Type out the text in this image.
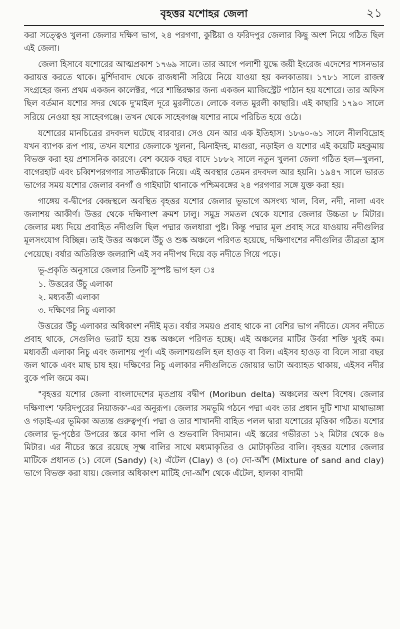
বৃহত্তর যশোহর জেলা	২১

করা সত্ত্বেও খুলনা জেলার দক্ষিণ ভাগ, ২৪ পরগণা, কুষ্টিয়া ও ফরিদপুর জেলার কিছু অংশ নিয়ে গঠিত ছিল এই জেলা।

জেলা হিসাবে যশোরের আত্মপ্রকাশ ১৭৬৯ সালে। তার আগে পলাশী যুদ্ধে জয়ী ইংরেজ এদেশের শাসনভার করায়ত্ত করতে থাকে। মুর্শিদাবাদ থেকে রাজধানী সরিয়ে নিয়ে যাওয়া হয় কলকাতায়। ১৭৮১ সালে রাজস্ব সংগ্রহের জন্য প্রথম একজন কালেক্টর, পরে শান্তিরক্ষার জন্য একজন ম্যাজিস্ট্রেট পাঠান হয় যশোরে। তার অফিস ছিল বর্তমান যশোর সদর থেকে দু'মাইল দূরে মুরলীতে। লোকে বলত মুরলী কাছারি। এই কাছারি ১৭৯০ সালে সরিয়ে নেওয়া হয় সাহেবগঞ্জে। তখন থেকে সাহেবগঞ্জ যশোর নামে পরিচিত হয়ে ওঠে।

যশোরের মানচিত্রের রদবদল ঘটেছে বারবার। সেও যেন আর এক ইতিহাস। ১৮৬০-৬১ সালে নীলবিদ্রোহ যখন ব্যাপক রূপ পায়, তখন যশোর জেলাকে খুলনা, ঝিনাইদহ, মাগুরা, নড়াইল ও যশোর এই কয়েটি মহকুমায় বিভক্ত করা হয় প্রশাসনিক কারণে। বেশ কয়েক বছর বাদে ১৮৮২ সালে নতুন খুলনা জেলা গঠিত হল—খুলনা, বাগেরহাট এবং চব্বিশপরগণার সাতক্ষীরাকে নিয়ে। এই অবস্থার তেমন রদবদল আর হয়নি। ১৯৪৭ সালে ভারত ভাগের সময় যশোর জেলার বনগাঁ ও গাইঘাটা থানাকে পশ্চিমবঙ্গের ২৪ পরগণার সঙ্গে যুক্ত করা হয়।

গাঙ্গেয় ব-দ্বীপের কেন্দ্রস্থলে অবস্থিত বৃহত্তর যশোর জেলার ভূভাগে অসংখ্য খাল, বিল, নদী, নালা এবং জলাশয় আকীর্ণ। উত্তর থেকে দক্ষিণাংশ ক্রমশ ঢালু। সমুদ্র সমতল থেকে যশোর জেলার উচ্চতা ৮ মিটার। জেলার মধ্য দিয়ে প্রবাহিত নদীগুলি ছিল পদ্মার জলধারা পুষ্ট। কিন্তু পদ্মার মূল প্রবাহ সরে যাওয়ায় নদীগুলির মূলসংযোগ বিচ্ছিন্ন। তাই উত্তর অঞ্চলে উঁচু ও শুষ্ক অঞ্চলে পরিণত হয়েছে, দক্ষিণাংশের নদীগুলির তীব্রতা হ্রাস পেয়েছে। বর্ষার অতিরিক্ত জলরাশি এই সব নদীপথ দিয়ে বড় নদীতে গিয়ে পড়ে।

ভূ-প্রকৃতি অনুসারে জেলার তিনটি সুস্পষ্ট ভাগ হল ঃ

১. উত্তরের উঁচু এলাকা
২. মধ্যবর্তী এলাকা
৩. দক্ষিণের নিচু এলাকা

উত্তরের উঁচু এলাকার অধিকাংশ নদীই মৃত। বর্ষার সময়ও প্রবাহ থাকে না বেশির ভাগ নদীতে। যেসব নদীতে প্রবাহ থাকে, সেগুলিও ভরাট হয়ে শুষ্ক অঞ্চলে পরিণত হচ্ছে। এই অঞ্চলের মাটির উর্বরা শক্তি খুবই কম। মধ্যবর্তী এলাকা নিচু এবং জলাশয় পূর্ণ। এই জলাশয়গুলি হল হাওড় বা বিল। এইসব হাওড় বা বিলে সারা বছর জল থাকে এবং মাছ চাষ হয়। দক্ষিণের নিচু এলাকার নদীগুলিতে জোয়ার ভাটা অব্যাহত থাকায়, এইসব নদীর বুকে পলি জমে কম।

"বৃহত্তর যশোর জেলা বাংলাদেশের মৃতপ্রায় বদ্বীপ (Moribun delta) অঞ্চলের অংশ বিশেষ। জেলার দক্ষিণাংশ 'ফরিদপুরের নিয়াজক'-এর অনুরূপ। জেলার সমভূমি গঠনে পদ্মা এবং তার প্রধান দুটি শাখা মাথাভাঙ্গা ও গড়াই-এর ভূমিকা অত্যন্ত গুরুত্বপূর্ণ। পদ্মা ও তার শাখানদী বাহিত পলল দ্বারা যশোরের মৃত্তিকা গঠিত। যশোর জেলার ভূ-পৃষ্ঠের উপরের স্তরে কাদা পলি ও শুভবালি বিদ্যমান। এই স্তরের গভীরতা ১২ মিটার থেকে ৪৬ মিটার। এর নীচের স্তরে রয়েছে সূক্ষ্ম বালির সাথে মধ্যমাকৃতির ও মোটাকৃতির বালি। বৃহত্তর যশোর জেলার মাটিকে প্রধানত (১) বেলে (Sandy) (২) এঁটেল (Clay) ও (৩) দো-আঁশ (Mixture of sand and clay) ভাগে বিভক্ত করা যায়। জেলার অধিকাংশ মাটিই দো-আঁশ থেকে এঁটেল, হালকা বাদামী
